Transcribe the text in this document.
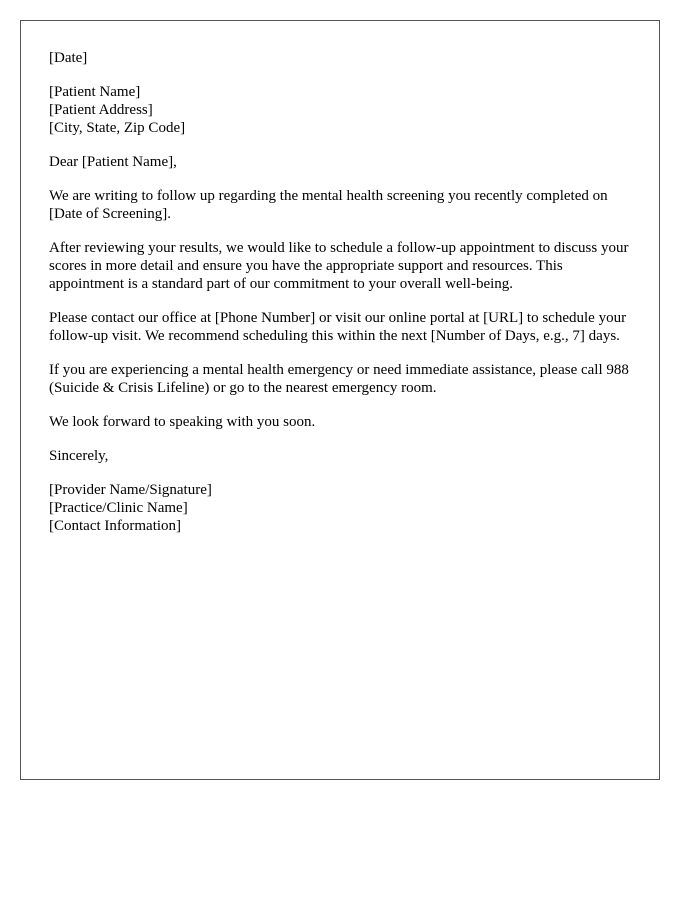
[Date]
[Patient Name]
[Patient Address]
[City, State, Zip Code]
Dear [Patient Name],

We are writing to follow up regarding the mental health screening you recently completed on [Date of Screening].

After reviewing your results, we would like to schedule a follow-up appointment to discuss your scores in more detail and ensure you have the appropriate support and resources. This appointment is a standard part of our commitment to your overall well-being.

Please contact our office at [Phone Number] or visit our online portal at [URL] to schedule your follow-up visit. We recommend scheduling this within the next [Number of Days, e.g., 7] days.

If you are experiencing a mental health emergency or need immediate assistance, please call 988 (Suicide & Crisis Lifeline) or go to the nearest emergency room.

We look forward to speaking with you soon.

Sincerely,
[Provider Name/Signature]
[Practice/Clinic Name]
[Contact Information]
